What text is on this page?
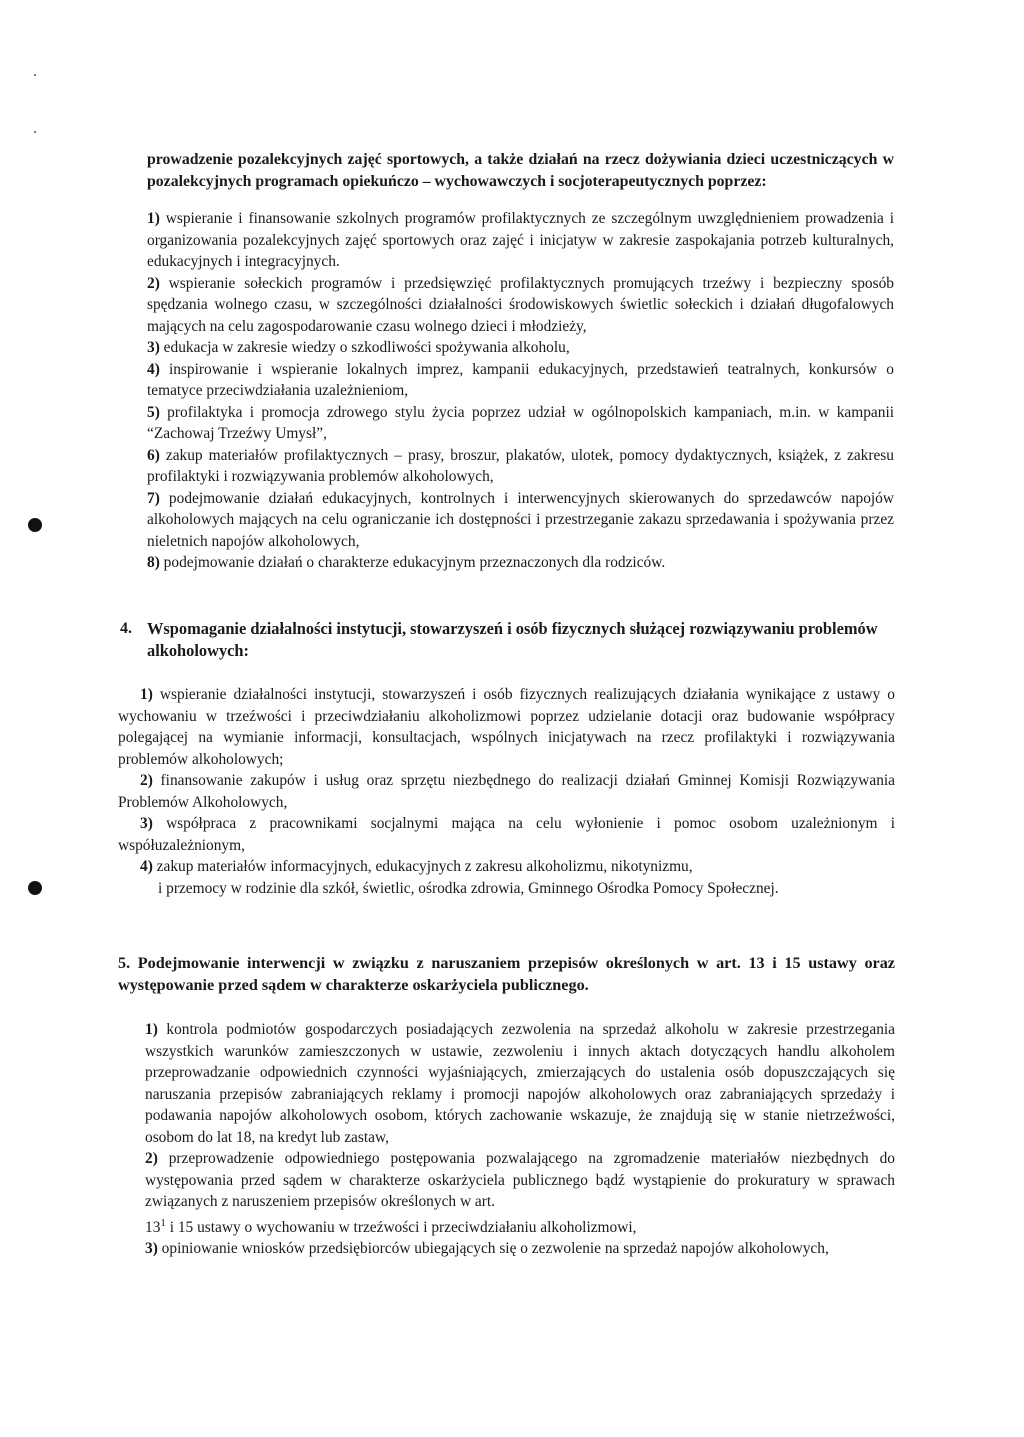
prowadzenie pozalekcyjnych zajęć sportowych, a także działań na rzecz dożywiania dzieci uczestniczących w pozalekcyjnych programach opiekuńczo – wychowawczych i socjoterapeutycznych poprzez:

1) wspieranie i finansowanie szkolnych programów profilaktycznych ze szczególnym uwzględnieniem prowadzenia i organizowania pozalekcyjnych zajęć sportowych oraz zajęć i inicjatyw w zakresie zaspokajania potrzeb kulturalnych, edukacyjnych i integracyjnych.

2) wspieranie sołeckich programów i przedsięwzięć profilaktycznych promujących trzeźwy i bezpieczny sposób spędzania wolnego czasu, w szczególności działalności środowiskowych świetlic sołeckich i działań długofalowych mających na celu zagospodarowanie czasu wolnego dzieci i młodzieży,

3) edukacja w zakresie wiedzy o szkodliwości spożywania alkoholu,

4) inspirowanie i wspieranie lokalnych imprez, kampanii edukacyjnych, przedstawień teatralnych, konkursów o tematyce przeciwdziałania uzależnieniom,

5) profilaktyka i promocja zdrowego stylu życia poprzez udział w ogólnopolskich kampaniach, m.in. w kampanii “Zachowaj Trzeźwy Umysł”,

6) zakup materiałów profilaktycznych – prasy, broszur, plakatów, ulotek, pomocy dydaktycznych, książek, z zakresu profilaktyki i rozwiązywania problemów alkoholowych,

7) podejmowanie działań edukacyjnych, kontrolnych i interwencyjnych skierowanych do sprzedawców napojów alkoholowych mających na celu ograniczanie ich dostępności i przestrzeganie zakazu sprzedawania i spożywania przez nieletnich napojów alkoholowych,

8) podejmowanie działań o charakterze edukacyjnym przeznaczonych dla rodziców.

4. Wspomaganie działalności instytucji, stowarzyszeń i osób fizycznych służącej rozwiązywaniu problemów alkoholowych:

1) wspieranie działalności instytucji, stowarzyszeń i osób fizycznych realizujących działania wynikające z ustawy o wychowaniu w trzeźwości i przeciwdziałaniu alkoholizmowi poprzez udzielanie dotacji oraz budowanie współpracy polegającej na wymianie informacji, konsultacjach, wspólnych inicjatywach na rzecz profilaktyki i rozwiązywania problemów alkoholowych;

2) finansowanie zakupów i usług oraz sprzętu niezbędnego do realizacji działań Gminnej Komisji Rozwiązywania Problemów Alkoholowych,

3) współpraca z pracownikami socjalnymi mająca na celu wyłonienie i pomoc osobom uzależnionym i współuzależnionym,

4) zakup materiałów informacyjnych, edukacyjnych z zakresu alkoholizmu, nikotynizmu,

i przemocy w rodzinie dla szkół, świetlic, ośrodka zdrowia, Gminnego Ośrodka Pomocy Społecznej.

5. Podejmowanie interwencji w związku z naruszaniem przepisów określonych w art. 13 i 15 ustawy oraz występowanie przed sądem w charakterze oskarżyciela publicznego.

1) kontrola podmiotów gospodarczych posiadających zezwolenia na sprzedaż alkoholu w zakresie przestrzegania wszystkich warunków zamieszczonych w ustawie, zezwoleniu i innych aktach dotyczących handlu alkoholem przeprowadzanie odpowiednich czynności wyjaśniających, zmierzających do ustalenia osób dopuszczających się naruszania przepisów zabraniających reklamy i promocji napojów alkoholowych oraz zabraniających sprzedaży i podawania napojów alkoholowych osobom, których zachowanie wskazuje, że znajdują się w stanie nietrzeźwości, osobom do lat 18, na kredyt lub zastaw,

2) przeprowadzenie odpowiedniego postępowania pozwalającego na zgromadzenie materiałów niezbędnych do występowania przed sądem w charakterze oskarżyciela publicznego bądź wystąpienie do prokuratury w sprawach związanych z naruszeniem przepisów określonych w art.
$13^1$ i 15 ustawy o wychowaniu w trzeźwości i przeciwdziałaniu alkoholizmowi,

3) opiniowanie wniosków przedsiębiorców ubiegających się o zezwolenie na sprzedaż napojów alkoholowych,
